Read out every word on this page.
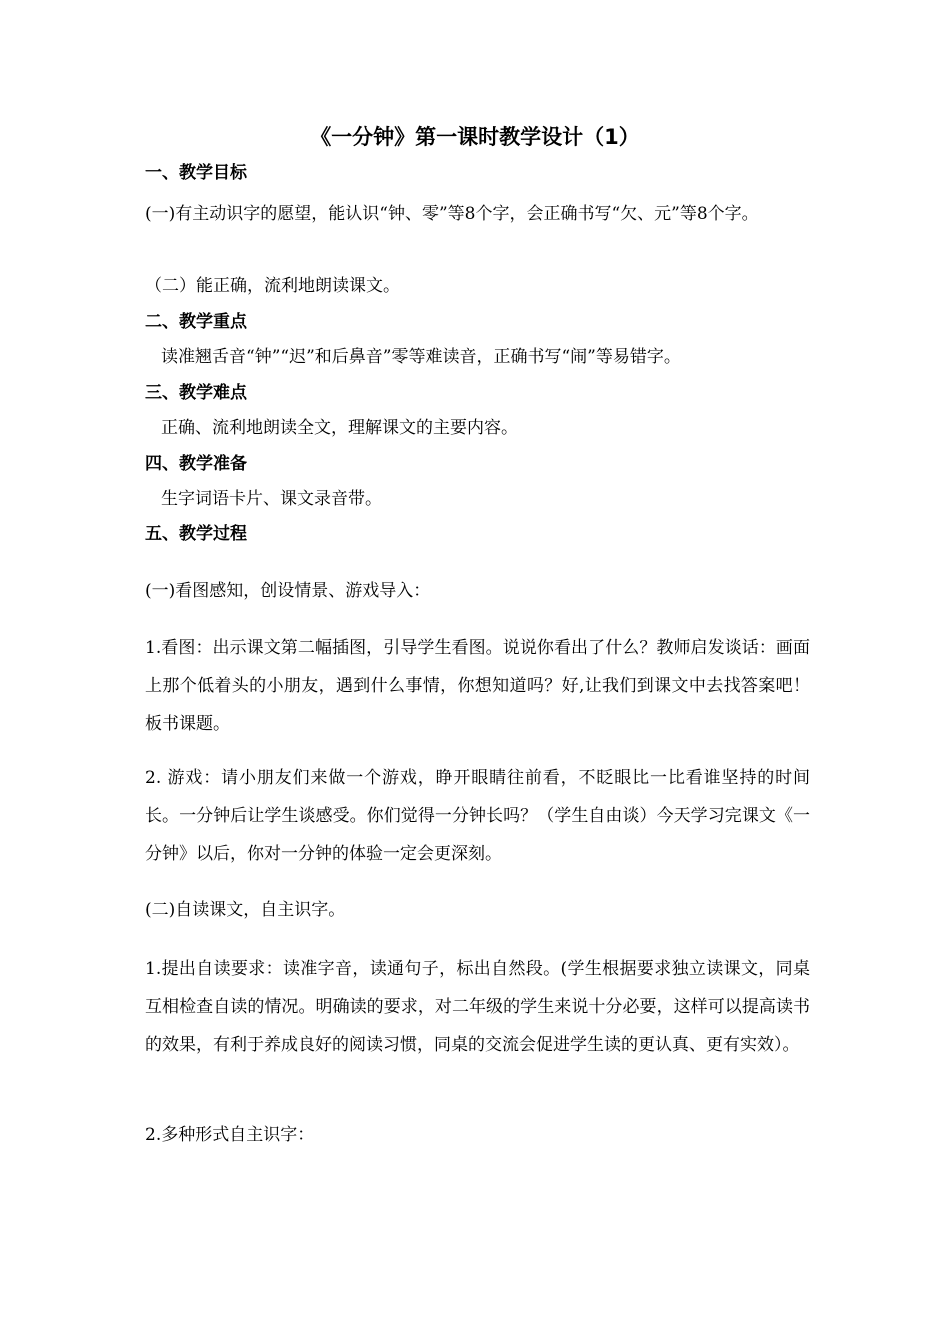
《一分钟》第一课时教学设计（1）
一、教学目标
(一)有主动识字的愿望，能认识“钟、零”等8个字，会正确书写“欠、元”等8个字。
（二）能正确，流利地朗读课文。
二、教学重点
读准翘舌音“钟”“迟”和后鼻音”零等难读音，正确书写“闹”等易错字。
三、教学难点
正确、流利地朗读全文，理解课文的主要内容。
四、教学准备
生字词语卡片、课文录音带。
五、教学过程
(一)看图感知，创设情景、游戏导入：
1.看图：出示课文第二幅插图，引导学生看图。说说你看出了什么？教师启发谈话：画面上那个低着头的小朋友，遇到什么事情，你想知道吗？好,让我们到课文中去找答案吧！板书课题。
2. 游戏：请小朋友们来做一个游戏，睁开眼睛往前看，不眨眼比一比看谁坚持的时间长。一分钟后让学生谈感受。你们觉得一分钟长吗？（学生自由谈）今天学习完课文《一分钟》以后，你对一分钟的体验一定会更深刻。
(二)自读课文，自主识字。
1.提出自读要求：读准字音，读通句子，标出自然段。(学生根据要求独立读课文，同桌互相检查自读的情况。明确读的要求，对二年级的学生来说十分必要，这样可以提高读书的效果，有利于养成良好的阅读习惯，同桌的交流会促进学生读的更认真、更有实效）。
2.多种形式自主识字：
